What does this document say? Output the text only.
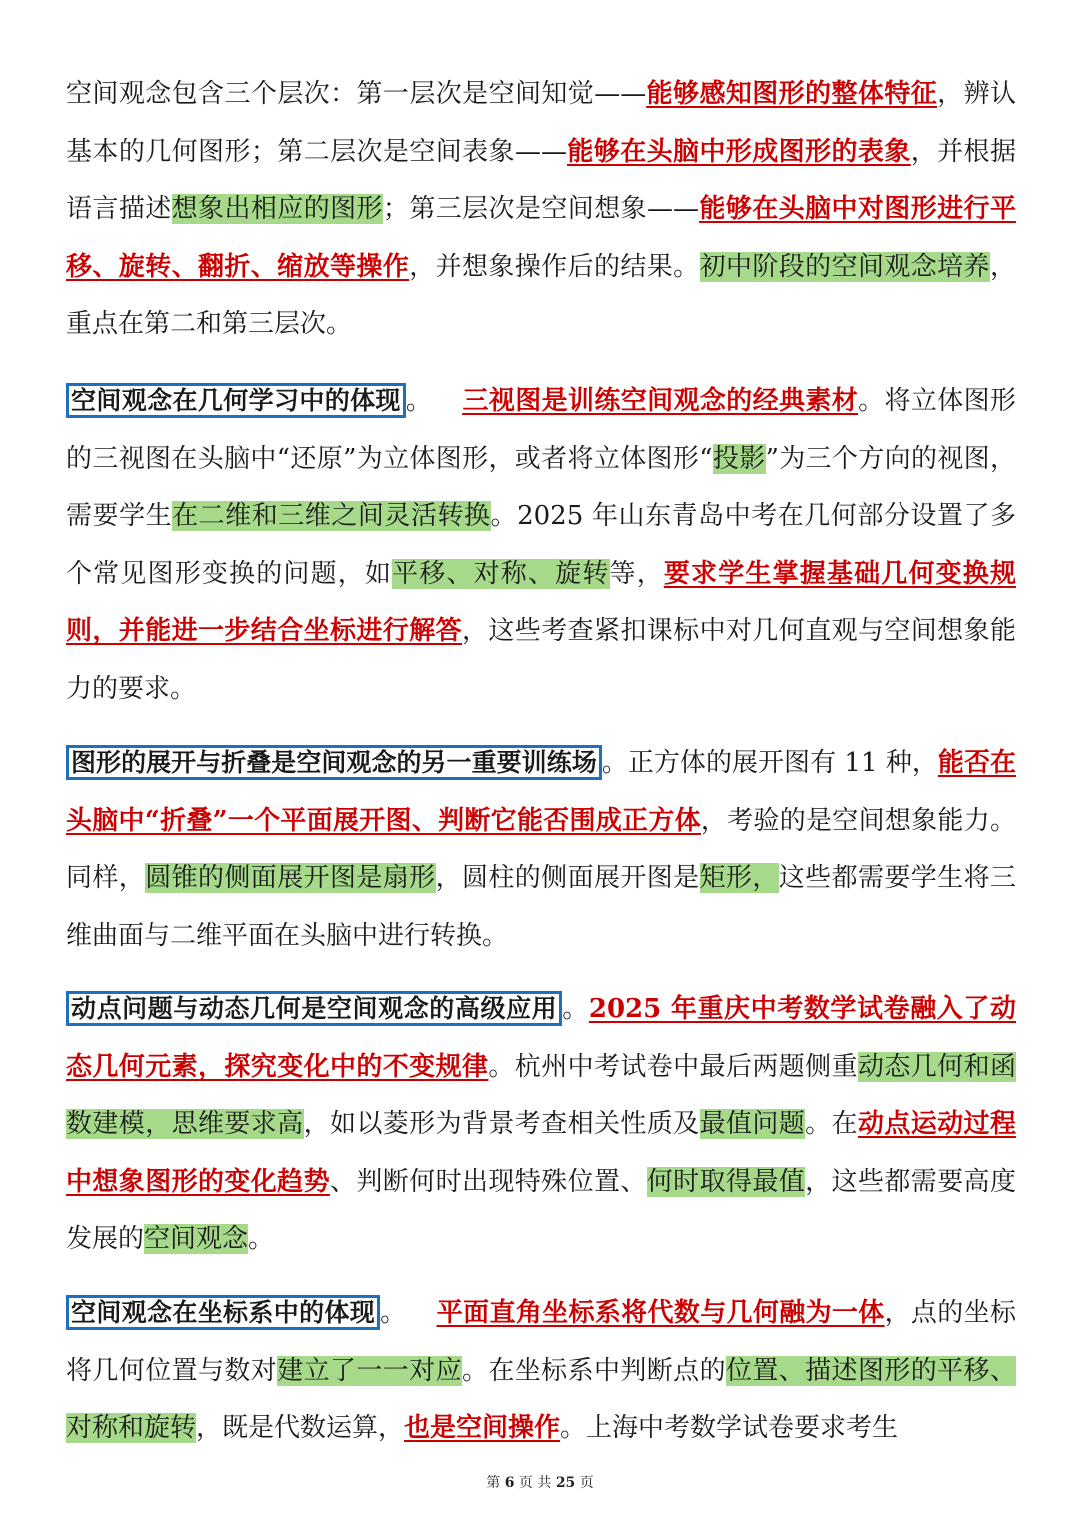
空间观念包含三个层次：第一层次是空间知觉——能够感知图形的整体特征，辨认基本的几何图形；第二层次是空间表象——能够在头脑中形成图形的表象，并根据语言描述想象出相应的图形；第三层次是空间想象——能够在头脑中对图形进行平移、旋转、翻折、缩放等操作，并想象操作后的结果。初中阶段的空间观念培养，重点在第二和第三层次。

空间观念在几何学习中的体现 。 三视图是训练空间观念的经典素材。将立体图形的三视图在头脑中“还原”为立体图形，或者将立体图形“投影”为三个方向的视图，需要学生在二维和三维之间灵活转换。2025 年山东青岛中考在几何部分设置了多个常见图形变换的问题，如平移、对称、旋转等，要求学生掌握基础几何变换规则，并能进一步结合坐标进行解答，这些考查紧扣课标中对几何直观与空间想象能力的要求。

图形的展开与折叠是空间观念的另一重要训练场 。正方体的展开图有 11 种，能否在头脑中“折叠”一个平面展开图、判断它能否围成正方体，考验的是空间想象能力。同样，圆锥的侧面展开图是扇形，圆柱的侧面展开图是矩形，这些都需要学生将三维曲面与二维平面在头脑中进行转换。

动点问题与动态几何是空间观念的高级应用 。2025 年重庆中考数学试卷融入了动态几何元素，探究变化中的不变规律。杭州中考试卷中最后两题侧重动态几何和函数建模，思维要求高，如以菱形为背景考查相关性质及最值问题。在动点运动过程中想象图形的变化趋势、判断何时出现特殊位置、何时取得最值，这些都需要高度发展的空间观念。

空间观念在坐标系中的体现 。 平面直角坐标系将代数与几何融为一体，点的坐标将几何位置与数对建立了一一对应。在坐标系中判断点的位置、描述图形的平移、对称和旋转，既是代数运算，也是空间操作。上海中考数学试卷要求考生

第 6 页 共 25 页
